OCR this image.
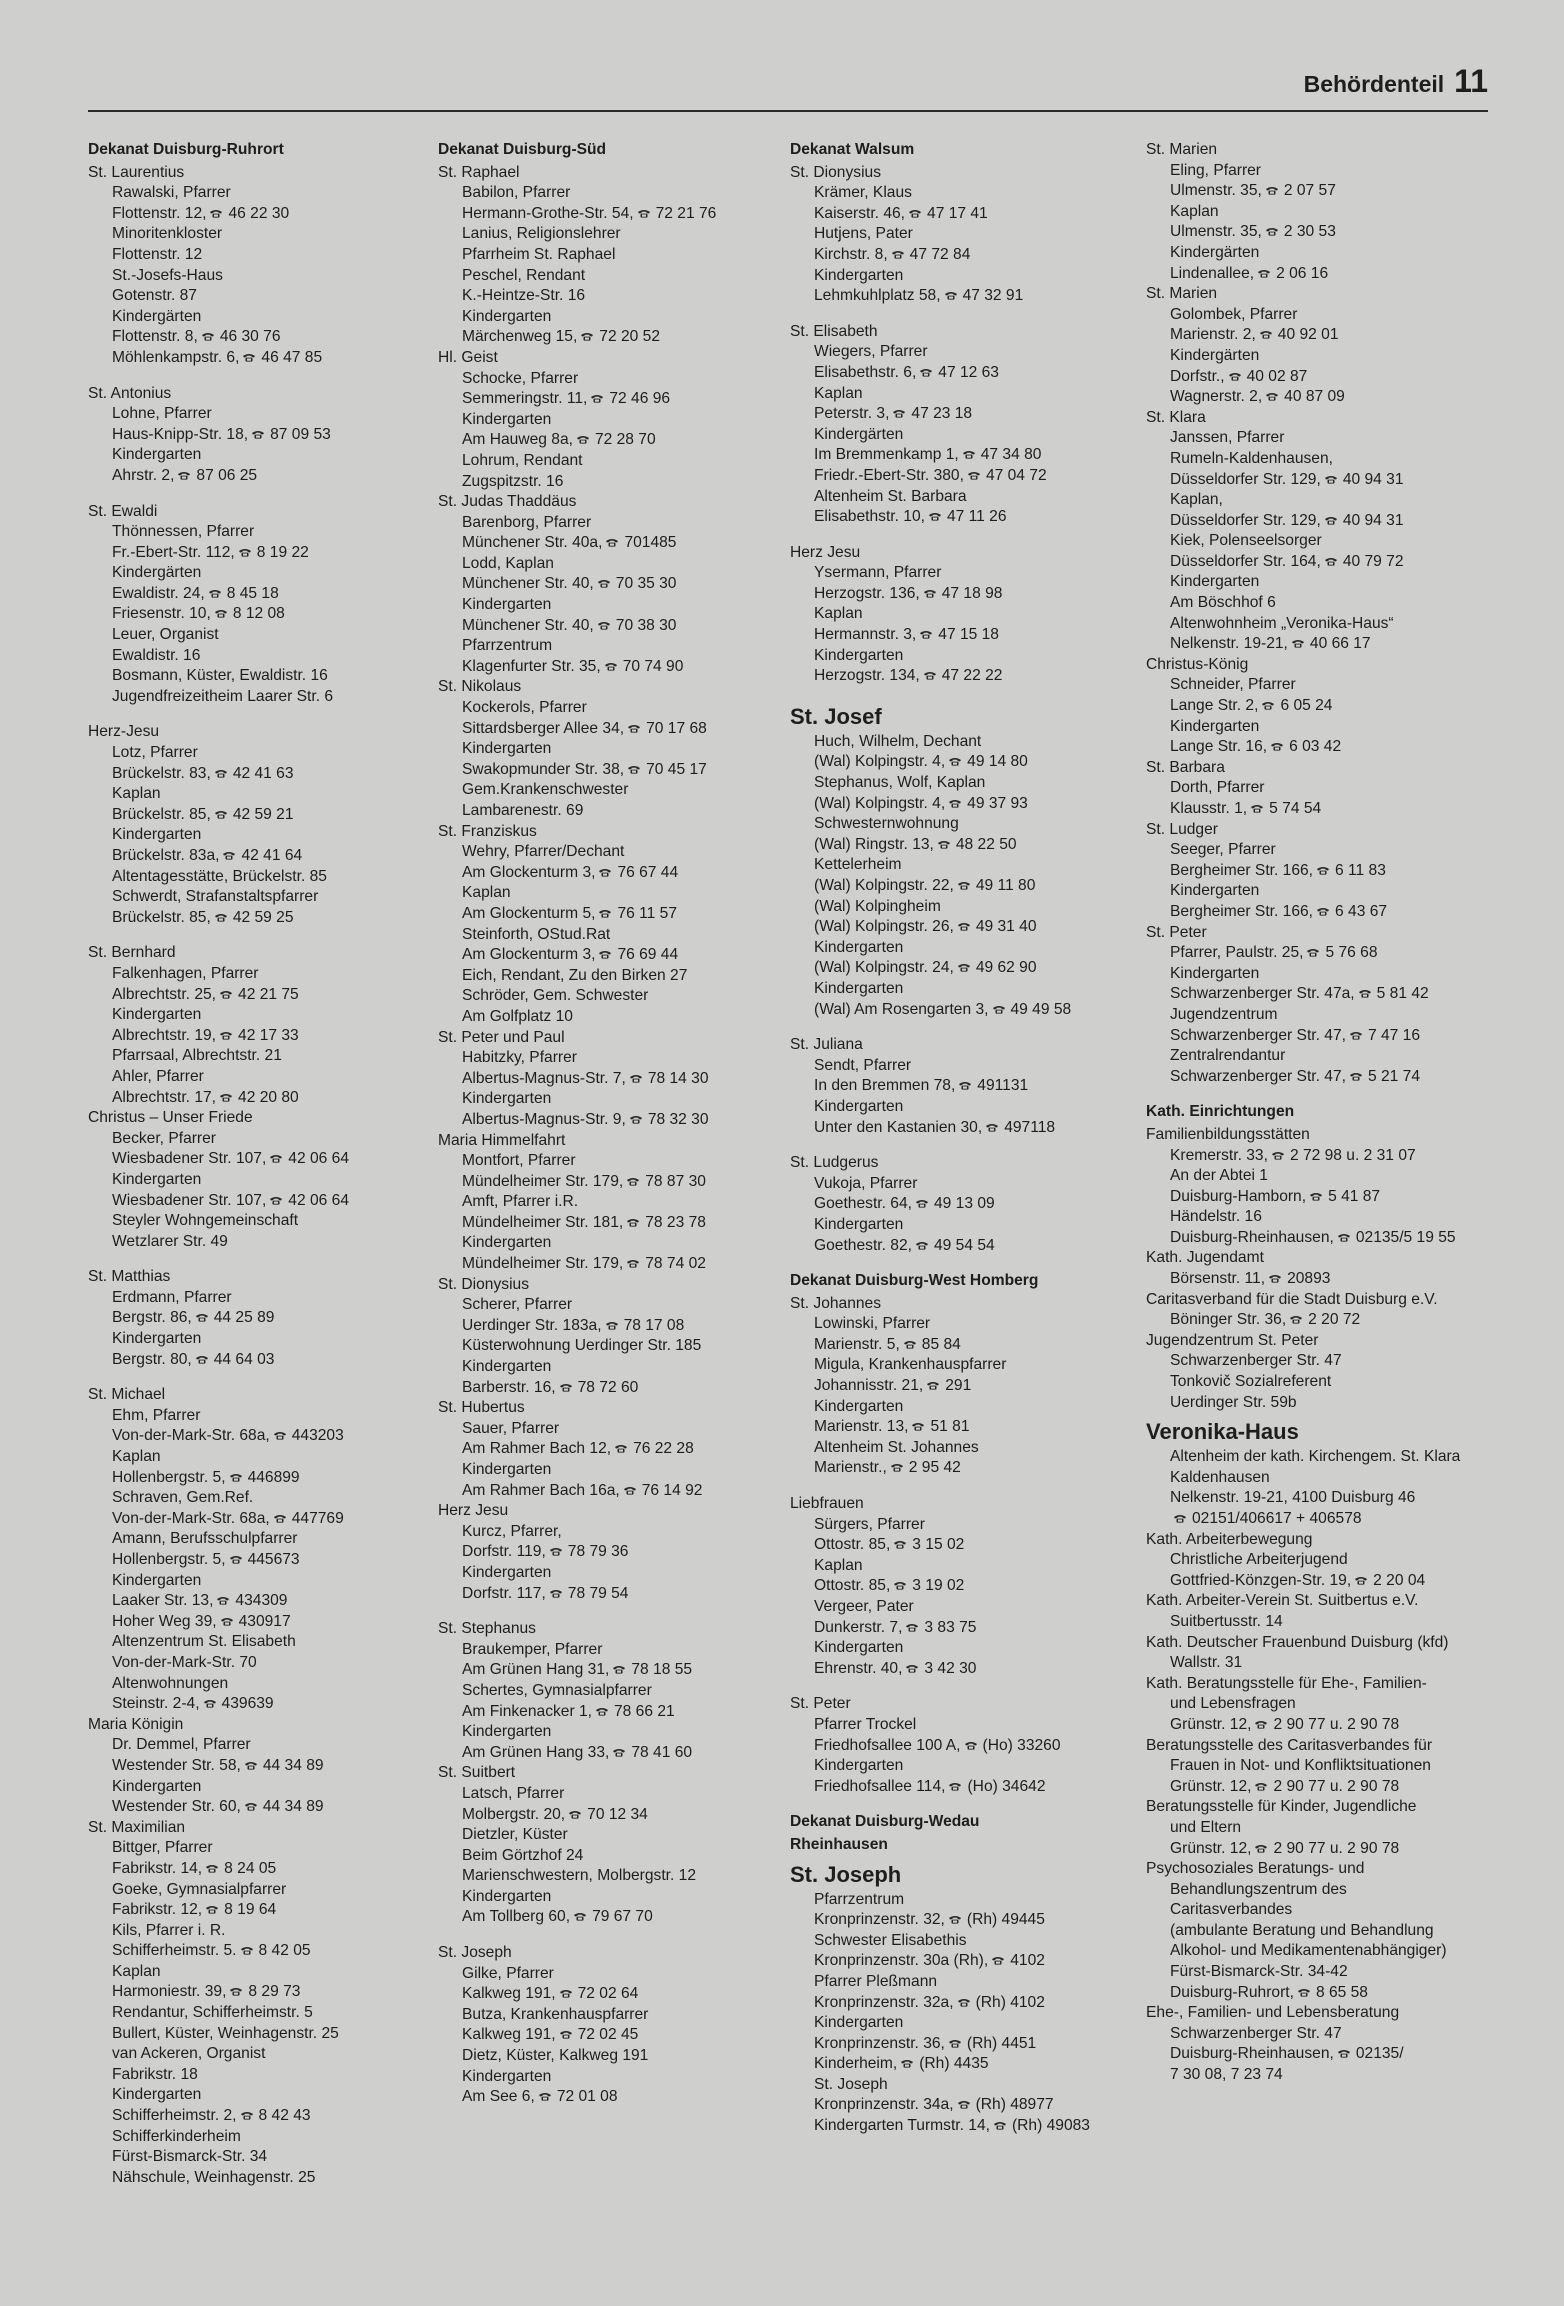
Behördenteil 11
Dekanat Duisburg-Ruhrort
St. Laurentius
Rawalski, Pfarrer
Flottenstr. 12, 46 22 30
Minoritenkloster
Flottenstr. 12
St.-Josefs-Haus
Gotenstr. 87
Kindergärten
Flottenstr. 8, 46 30 76
Möhlenkampstr. 6, 46 47 85
St. Antonius
Lohne, Pfarrer
Haus-Knipp-Str. 18, 87 09 53
Kindergarten
Ahrstr. 2, 87 06 25
St. Ewaldi
Thönnessen, Pfarrer
Fr.-Ebert-Str. 112, 8 19 22
Kindergärten
Ewaldistr. 24, 8 45 18
Friesenstr. 10, 8 12 08
Leuer, Organist
Ewaldistr. 16
Bosmann, Küster, Ewaldistr. 16
Jugendfreizeitheim Laarer Str. 6
Herz-Jesu
Lotz, Pfarrer
Brückelstr. 83, 42 41 63
Kaplan
Brückelstr. 85, 42 59 21
Kindergarten
Brückelstr. 83a, 42 41 64
Altentagesstätte, Brückelstr. 85
Schwerdt, Strafanstaltspfarrer
Brückelstr. 85, 42 59 25
St. Bernhard
Falkenhagen, Pfarrer
Albrechtstr. 25, 42 21 75
Kindergarten
Albrechtstr. 19, 42 17 33
Pfarrsaal, Albrechtstr. 21
Ahler, Pfarrer
Albrechtstr. 17, 42 20 80
Christus – Unser Friede
Becker, Pfarrer
Wiesbadener Str. 107, 42 06 64
Kindergarten
Wiesbadener Str. 107, 42 06 64
Steyler Wohngemeinschaft
Wetzlarer Str. 49
St. Matthias
Erdmann, Pfarrer
Bergstr. 86, 44 25 89
Kindergarten
Bergstr. 80, 44 64 03
St. Michael
Ehm, Pfarrer
Von-der-Mark-Str. 68a, 443203
Kaplan
Hollenbergstr. 5, 446899
Schraven, Gem.Ref.
Von-der-Mark-Str. 68a, 447769
Amann, Berufsschulpfarrer
Hollenbergstr. 5, 445673
Kindergarten
Laaker Str. 13, 434309
Hoher Weg 39, 430917
Altenzentrum St. Elisabeth
Von-der-Mark-Str. 70
Altenwohnungen
Steinstr. 2-4, 439639
Maria Königin
Dr. Demmel, Pfarrer
Westender Str. 58, 44 34 89
Kindergarten
Westender Str. 60, 44 34 89
St. Maximilian
Bittger, Pfarrer
Fabrikstr. 14, 8 24 05
Goeke, Gymnasialpfarrer
Fabrikstr. 12, 8 19 64
Kils, Pfarrer i. R.
Schifferheimstr. 5. 8 42 05
Kaplan
Harmoniestr. 39, 8 29 73
Rendantur, Schifferheimstr. 5
Bullert, Küster, Weinhagenstr. 25
van Ackeren, Organist
Fabrikstr. 18
Kindergarten
Schifferheimstr. 2, 8 42 43
Schifferkinderheim
Fürst-Bismarck-Str. 34
Nähschule, Weinhagenstr. 25
Dekanat Duisburg-Süd
St. Raphael
Babilon, Pfarrer
Hermann-Grothe-Str. 54, 72 21 76
Lanius, Religionslehrer
Pfarrheim St. Raphael
Peschel, Rendant
K.-Heintze-Str. 16
Kindergarten
Märchenweg 15, 72 20 52
Hl. Geist
Schocke, Pfarrer
Semmeringstr. 11, 72 46 96
Kindergarten
Am Hauweg 8a, 72 28 70
Lohrum, Rendant
Zugspitzstr. 16
St. Judas Thaddäus
Barenborg, Pfarrer
Münchener Str. 40a, 701485
Lodd, Kaplan
Münchener Str. 40, 70 35 30
Kindergarten
Münchener Str. 40, 70 38 30
Pfarrzentrum
Klagenfurter Str. 35, 70 74 90
St. Nikolaus
Kockerols, Pfarrer
Sittardsberger Allee 34, 70 17 68
Kindergarten
Swakopmunder Str. 38, 70 45 17
Gem.Krankenschwester
Lambarenestr. 69
St. Franziskus
Wehry, Pfarrer/Dechant
Am Glockenturm 3, 76 67 44
Kaplan
Am Glockenturm 5, 76 11 57
Steinforth, OStud.Rat
Am Glockenturm 3, 76 69 44
Eich, Rendant, Zu den Birken 27
Schröder, Gem. Schwester
Am Golfplatz 10
St. Peter und Paul
Habitzky, Pfarrer
Albertus-Magnus-Str. 7, 78 14 30
Kindergarten
Albertus-Magnus-Str. 9, 78 32 30
Maria Himmelfahrt
Montfort, Pfarrer
Mündelheimer Str. 179, 78 87 30
Amft, Pfarrer i.R.
Mündelheimer Str. 181, 78 23 78
Kindergarten
Mündelheimer Str. 179, 78 74 02
St. Dionysius
Scherer, Pfarrer
Uerdinger Str. 183a, 78 17 08
Küsterwohnung Uerdinger Str. 185
Kindergarten
Barberstr. 16, 78 72 60
St. Hubertus
Sauer, Pfarrer
Am Rahmer Bach 12, 76 22 28
Kindergarten
Am Rahmer Bach 16a, 76 14 92
Herz Jesu
Kurcz, Pfarrer,
Dorfstr. 119, 78 79 36
Kindergarten
Dorfstr. 117, 78 79 54
St. Stephanus
Braukemper, Pfarrer
Am Grünen Hang 31, 78 18 55
Schertes, Gymnasialpfarrer
Am Finkenacker 1, 78 66 21
Kindergarten
Am Grünen Hang 33, 78 41 60
St. Suitbert
Latsch, Pfarrer
Molbergstr. 20, 70 12 34
Dietzler, Küster
Beim Görtzhof 24
Marienschwestern, Molbergstr. 12
Kindergarten
Am Tollberg 60, 79 67 70
St. Joseph
Gilke, Pfarrer
Kalkweg 191, 72 02 64
Butza, Krankenhauspfarrer
Kalkweg 191, 72 02 45
Dietz, Küster, Kalkweg 191
Kindergarten
Am See 6, 72 01 08
Dekanat Walsum
St. Dionysius
Krämer, Klaus
Kaiserstr. 46, 47 17 41
Hutjens, Pater
Kirchstr. 8, 47 72 84
Kindergarten
Lehmkuhlplatz 58, 47 32 91
St. Elisabeth
Wiegers, Pfarrer
Elisabethstr. 6, 47 12 63
Kaplan
Peterstr. 3, 47 23 18
Kindergärten
Im Bremmenkamp 1, 47 34 80
Friedr.-Ebert-Str. 380, 47 04 72
Altenheim St. Barbara
Elisabethstr. 10, 47 11 26
Herz Jesu
Ysermann, Pfarrer
Herzogstr. 136, 47 18 98
Kaplan
Hermannstr. 3, 47 15 18
Kindergarten
Herzogstr. 134, 47 22 22
St. Josef
Huch, Wilhelm, Dechant
(Wal) Kolpingstr. 4, 49 14 80
Stephanus, Wolf, Kaplan
(Wal) Kolpingstr. 4, 49 37 93
Schwesternwohnung
(Wal) Ringstr. 13, 48 22 50
Kettelerheim
(Wal) Kolpingstr. 22, 49 11 80
(Wal) Kolpingheim
(Wal) Kolpingstr. 26, 49 31 40
Kindergarten
(Wal) Kolpingstr. 24, 49 62 90
Kindergarten
(Wal) Am Rosengarten 3, 49 49 58
St. Juliana
Sendt, Pfarrer
In den Bremmen 78, 491131
Kindergarten
Unter den Kastanien 30, 497118
St. Ludgerus
Vukoja, Pfarrer
Goethestr. 64, 49 13 09
Kindergarten
Goethestr. 82, 49 54 54
Dekanat Duisburg-West Homberg
St. Johannes
Lowinski, Pfarrer
Marienstr. 5, 85 84
Migula, Krankenhauspfarrer
Johannisstr. 21, 291
Kindergarten
Marienstr. 13, 51 81
Altenheim St. Johannes
Marienstr., 2 95 42
Liebfrauen
Sürgers, Pfarrer
Ottostr. 85, 3 15 02
Kaplan
Ottostr. 85, 3 19 02
Vergeer, Pater
Dunkerstr. 7, 3 83 75
Kindergarten
Ehrenstr. 40, 3 42 30
St. Peter
Pfarrer Trockel
Friedhofsallee 100 A, (Ho) 33260
Kindergarten
Friedhofsallee 114, (Ho) 34642
Dekanat Duisburg-Wedau
Rheinhausen
St. Joseph
Pfarrzentrum
Kronprinzenstr. 32, (Rh) 49445
Schwester Elisabethis
Kronprinzenstr. 30a (Rh), 4102
Pfarrer Pleßmann
Kronprinzenstr. 32a, (Rh) 4102
Kindergarten
Kronprinzenstr. 36, (Rh) 4451
Kinderheim, (Rh) 4435
St. Joseph
Kronprinzenstr. 34a, (Rh) 48977
Kindergarten Turmstr. 14, (Rh) 49083
St. Marien
Eling, Pfarrer
Ulmenstr. 35, 2 07 57
Kaplan
Ulmenstr. 35, 2 30 53
Kindergärten
Lindenallee, 2 06 16
St. Marien
Golombek, Pfarrer
Marienstr. 2, 40 92 01
Kindergärten
Dorfstr., 40 02 87
Wagnerstr. 2, 40 87 09
St. Klara
Janssen, Pfarrer
Rumeln-Kaldenhausen,
Düsseldorfer Str. 129, 40 94 31
Kaplan,
Düsseldorfer Str. 129, 40 94 31
Kiek, Polenseelsorger
Düsseldorfer Str. 164, 40 79 72
Kindergarten
Am Böschhof 6
Altenwohnheim „Veronika-Haus“
Nelkenstr. 19-21, 40 66 17
Christus-König
Schneider, Pfarrer
Lange Str. 2, 6 05 24
Kindergarten
Lange Str. 16, 6 03 42
St. Barbara
Dorth, Pfarrer
Klausstr. 1, 5 74 54
St. Ludger
Seeger, Pfarrer
Bergheimer Str. 166, 6 11 83
Kindergarten
Bergheimer Str. 166, 6 43 67
St. Peter
Pfarrer, Paulstr. 25, 5 76 68
Kindergarten
Schwarzenberger Str. 47a, 5 81 42
Jugendzentrum
Schwarzenberger Str. 47, 7 47 16
Zentralrendantur
Schwarzenberger Str. 47, 5 21 74
Kath. Einrichtungen
Familienbildungsstätten
Kremerstr. 33, 2 72 98 u. 2 31 07
An der Abtei 1
Duisburg-Hamborn, 5 41 87
Händelstr. 16
Duisburg-Rheinhausen, 02135/5 19 55
Kath. Jugendamt
Börsenstr. 11, 20893
Caritasverband für die Stadt Duisburg e.V.
Böninger Str. 36, 2 20 72
Jugendzentrum St. Peter
Schwarzenberger Str. 47
Tonkovič Sozialreferent
Uerdinger Str. 59b
Veronika-Haus
Altenheim der kath. Kirchengem. St. Klara
Kaldenhausen
Nelkenstr. 19-21, 4100 Duisburg 46
02151/406617 + 406578
Kath. Arbeiterbewegung
Christliche Arbeiterjugend
Gottfried-Könzgen-Str. 19, 2 20 04
Kath. Arbeiter-Verein St. Suitbertus e.V.
Suitbertusstr. 14
Kath. Deutscher Frauenbund Duisburg (kfd)
Wallstr. 31
Kath. Beratungsstelle für Ehe-, Familien-
und Lebensfragen
Grünstr. 12, 2 90 77 u. 2 90 78
Beratungsstelle des Caritasverbandes für
Frauen in Not- und Konfliktsituationen
Grünstr. 12, 2 90 77 u. 2 90 78
Beratungsstelle für Kinder, Jugendliche
und Eltern
Grünstr. 12, 2 90 77 u. 2 90 78
Psychosoziales Beratungs- und
Behandlungszentrum des
Caritasverbandes
(ambulante Beratung und Behandlung
Alkohol- und Medikamentenabhängiger)
Fürst-Bismarck-Str. 34-42
Duisburg-Ruhrort, 8 65 58
Ehe-, Familien- und Lebensberatung
Schwarzenberger Str. 47
Duisburg-Rheinhausen, 02135/
7 30 08, 7 23 74
